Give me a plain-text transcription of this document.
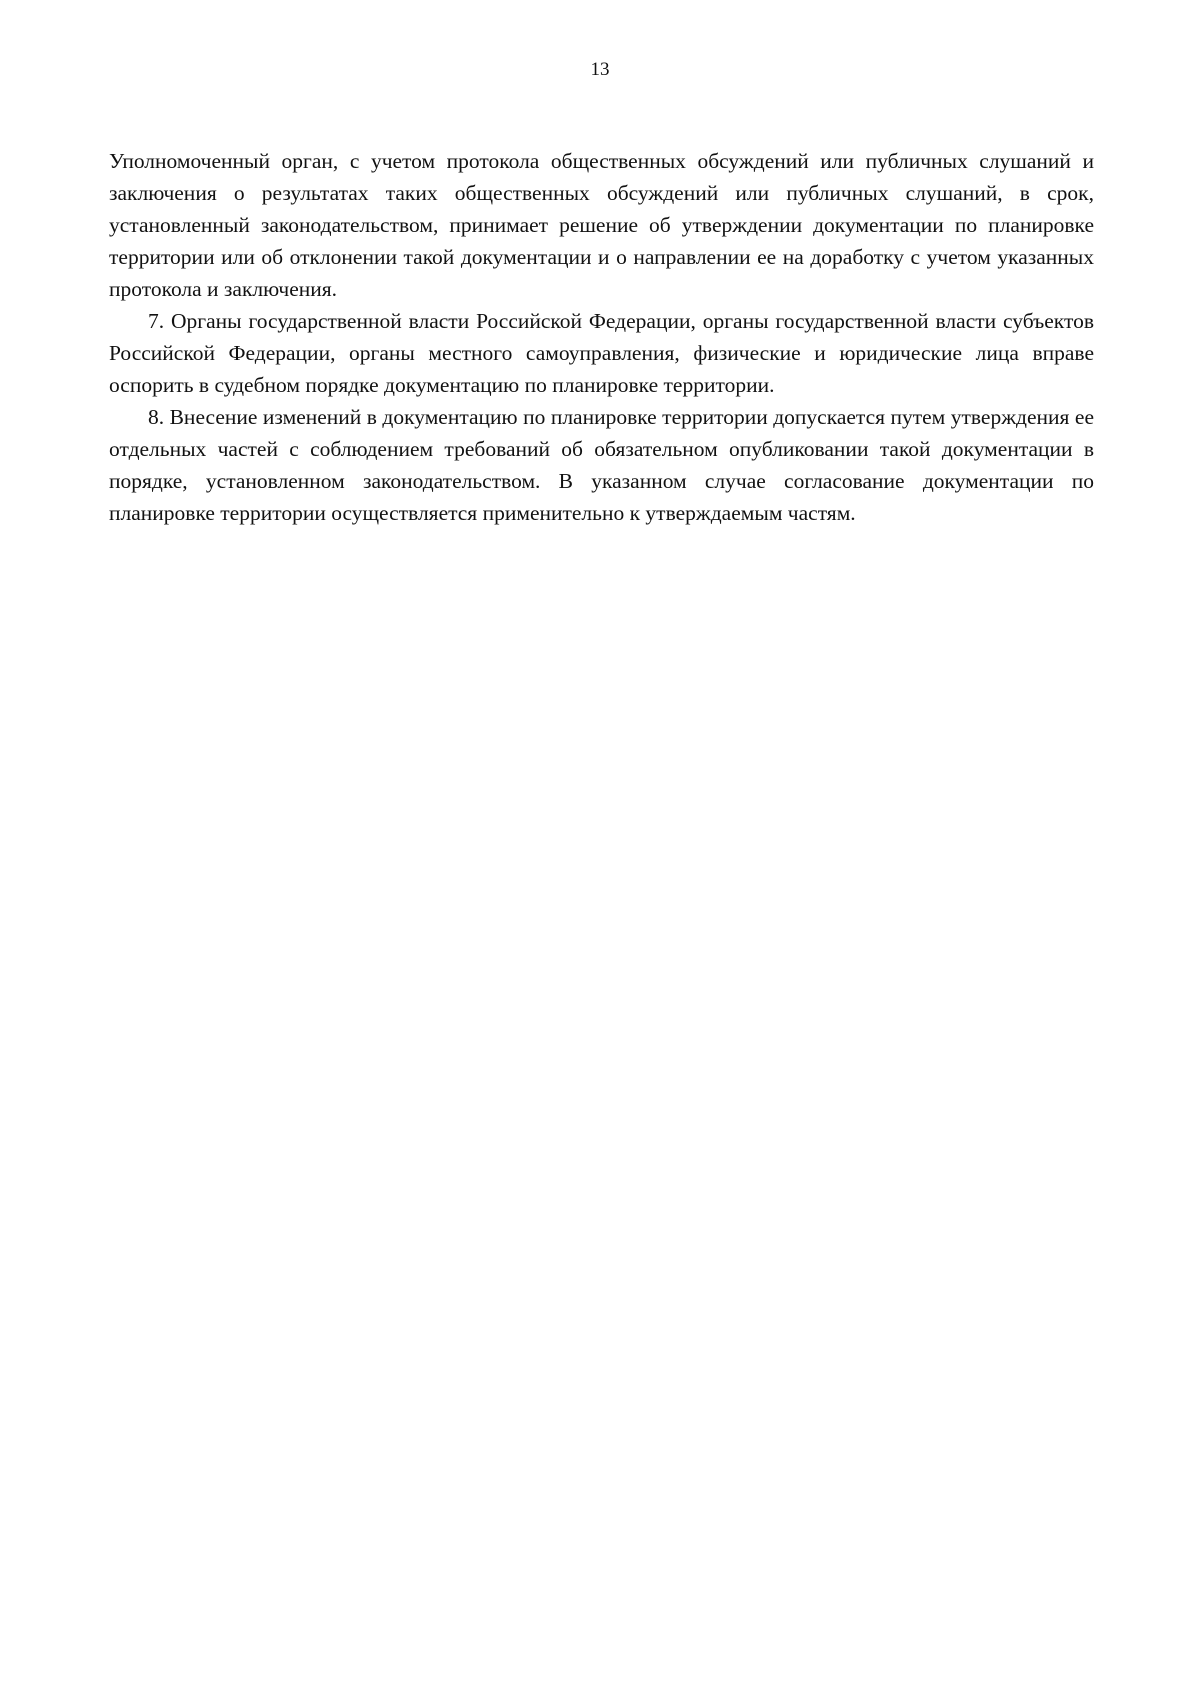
13

Уполномоченный орган, с учетом протокола общественных обсуждений или публичных слушаний и заключения о результатах таких общественных обсуждений или публичных слушаний, в срок, установленный законодательством, принимает решение об утверждении документации по планировке территории или об отклонении такой документации и о направлении ее на доработку с учетом указанных протокола и заключения.

7. Органы государственной власти Российской Федерации, органы государственной власти субъектов Российской Федерации, органы местного самоуправления, физические и юридические лица вправе оспорить в судебном порядке документацию по планировке территории.

8. Внесение изменений в документацию по планировке территории допускается путем утверждения ее отдельных частей с соблюдением требований об обязательном опубликовании такой документации в порядке, установленном законодательством. В указанном случае согласование документации по планировке территории осуществляется применительно к утверждаемым частям.
